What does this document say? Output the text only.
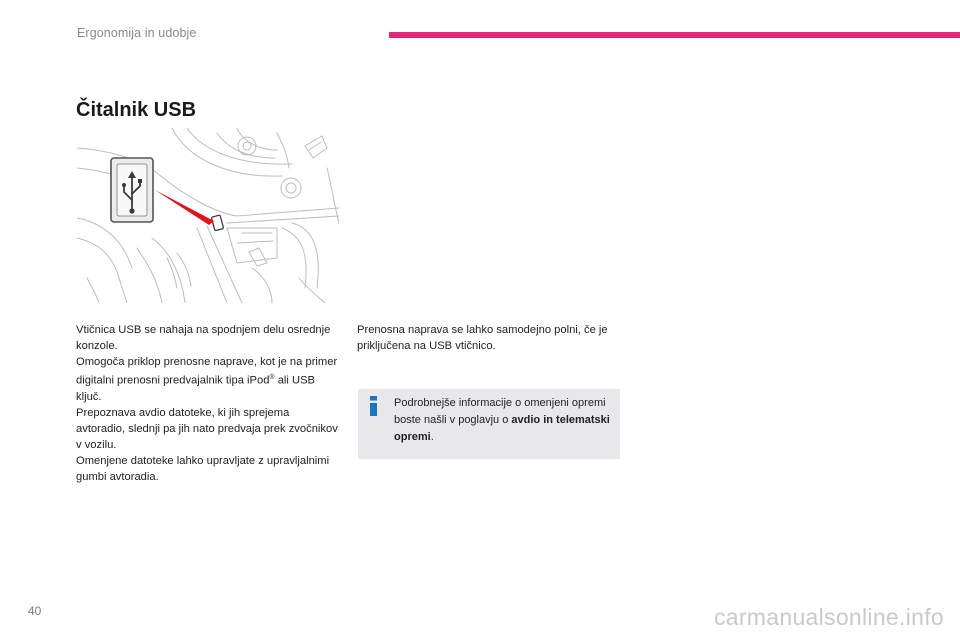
Ergonomija in udobje
Čitalnik USB

Vtičnica USB se nahaja na spodnjem delu osrednje konzole.

Omogoča priklop prenosne naprave, kot je na primer digitalni prenosni predvajalnik tipa iPod® ali USB ključ.

Prepoznava avdio datoteke, ki jih sprejema avtoradio, slednji pa jih nato predvaja prek zvočnikov v vozilu.

Omenjene datoteke lahko upravljate z upravljalnimi gumbi avtoradia.

Prenosna naprava se lahko samodejno polni, če je priključena na USB vtičnico.

Podrobnejše informacije o omenjeni opremi boste našli v poglavju o avdio in telematski opremi.
40	carmanualsonline.info
